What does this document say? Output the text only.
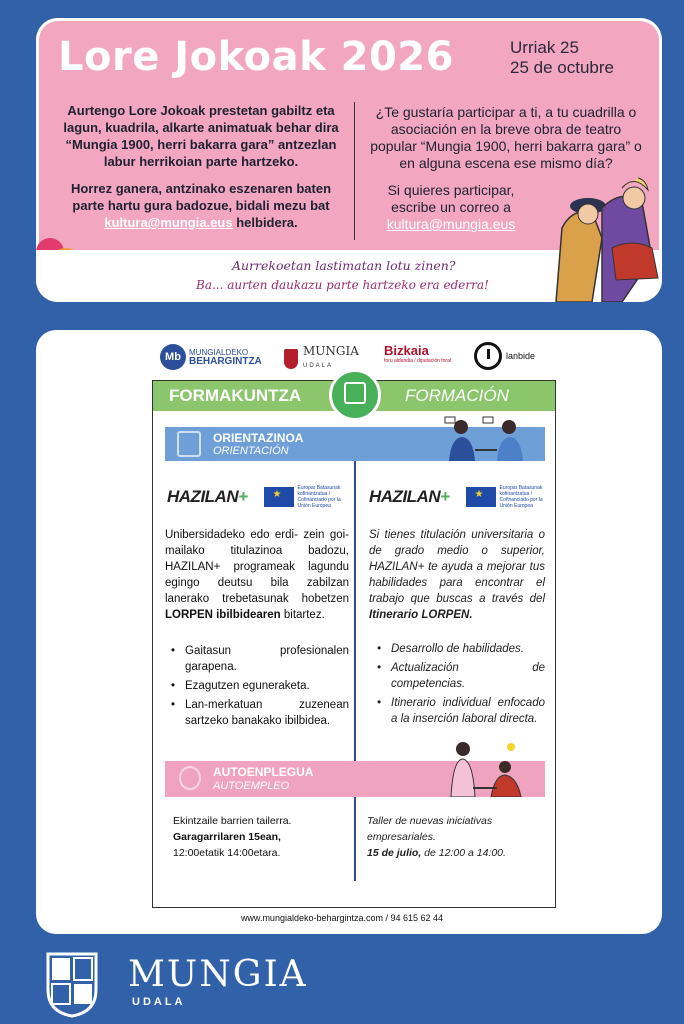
Lore Jokoak 2026	Urriak 25
25 de octubre

Aurtengo Lore Jokoak prestetan gabiltz eta lagun, kuadrila, alkarte animatuak behar dira “Mungia 1900, herri bakarra gara” antzezlan labur herrikoian parte hartzeko.

Horrez ganera, antzinako eszenaren baten parte hartu gura badozue, bidali mezu bat kultura@mungia.eus helbidera.

¿Te gustaría participar a ti, a tu cuadrilla o asociación en la breve obra de teatro popular “Mungia 1900, herri bakarra gara” o en alguna escena ese mismo día?

Si quieres participar, escribe un correo a
kultura@mungia.eus

Aurrekoetan lastimatan lotu zinen?
Ba... aurten daukazu parte hartzeko era ederra!
Mb	MUNGIALDEKO
BEHARGINTZA
MUNGIA
UDALA
Bizkaia
foru aldundia / diputación foral	lanbide
FORMAKUNTZA	FORMACIÓN
ORIENTAZINOA
ORIENTACIÓN
HAZILAN+ ★	Europar Batasunak kofinantzatua / Cofinanciado por la Unión Europea	HAZILAN+ ★	Europar Batasunak kofinantzatua / Cofinanciado por la Unión Europea
Unibersidadeko edo erdi- zein goi-mailako titulazinoa badozu, HAZILAN+ programeak lagundu egingo deutsu bila zabilzan lanerako trebetasunak hobetzen LORPEN ibilbidearen bitartez.
Si tienes titulación universitaria o de grado medio o superior, HAZILAN+ te ayuda a mejorar tus habilidades para encontrar el trabajo que buscas a través del Itinerario LORPEN.
• Gaitasun profesionalen garapena.
• Ezagutzen eguneraketa.
• Lan-merkatuan zuzenean sartzeko banakako ibilbidea.
• Desarrollo de habilidades.
• Actualización de competencias.
• Itinerario individual enfocado a la inserción laboral directa.
AUTOENPLEGUA
AUTOEMPLEO
Ekintzaile barrien tailerra.
Garagarrilaren 15ean,
12:00etatik 14:00etara.
Taller de nuevas iniciativas empresariales.
15 de julio, de 12:00 a 14:00.
www.mungialdeko-behargintza.com / 94 615 62 44
MUNGIA
UDALA
